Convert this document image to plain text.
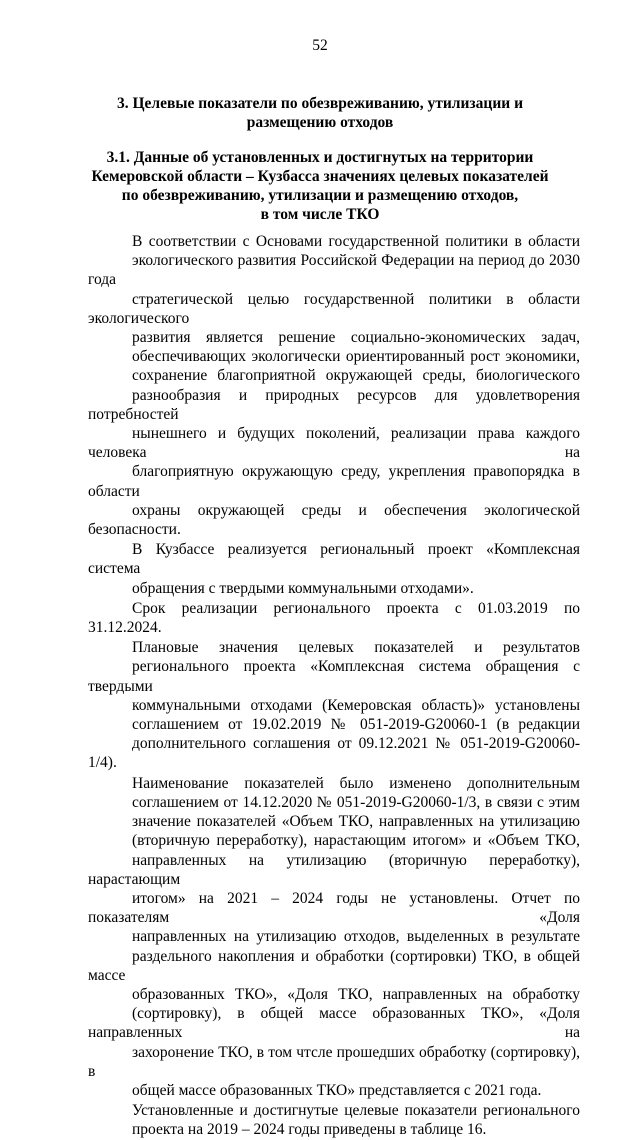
52
3. Целевые показатели по обезвреживанию, утилизации и
размещению отходов
3.1. Данные об установленных и достигнутых на территории
Кемеровской области – Кузбасса значениях целевых показателей
по обезвреживанию, утилизации и размещению отходов,
в том числе ТКО

В соответствии с Основами государственной политики в области
экологического развития Российской Федерации на период до 2030 года
стратегической целью государственной политики в области экологического
развития является решение социально-экономических задач,
обеспечивающих экологически ориентированный рост экономики,
сохранение благоприятной окружающей среды, биологического
разнообразия и природных ресурсов для удовлетворения потребностей
нынешнего и будущих поколений, реализации права каждого человека на
благоприятную окружающую среду, укрепления правопорядка в области
охраны окружающей среды и обеспечения экологической безопасности.

В Кузбассе реализуется региональный проект «Комплексная система
обращения с твердыми коммунальными отходами».

Срок реализации регионального проекта с 01.03.2019 по 31.12.2024.

Плановые значения целевых показателей и результатов
регионального проекта «Комплексная система обращения с твердыми
коммунальными отходами (Кемеровская область)» установлены
соглашением от 19.02.2019 № 051-2019-G20060-1 (в редакции
дополнительного соглашения от 09.12.2021 № 051-2019-G20060-1/4).

Наименование показателей было изменено дополнительным
соглашением от 14.12.2020 № 051-2019-G20060-1/3, в связи с этим
значение показателей «Объем ТКО, направленных на утилизацию
(вторичную переработку), нарастающим итогом» и «Объем ТКО,
направленных на утилизацию (вторичную переработку), нарастающим
итогом» на 2021 – 2024 годы не установлены. Отчет по показателям «Доля
направленных на утилизацию отходов, выделенных в результате
раздельного накопления и обработки (сортировки) ТКО, в общей массе
образованных ТКО», «Доля ТКО, направленных на обработку
(сортировку), в общей массе образованных ТКО», «Доля направленных на
захоронение ТКО, в том чтсле прошедших обработку (сортировку), в
общей массе образованных ТКО» представляется с 2021 года.

Установленные и достигнутые целевые показатели регионального
проекта на 2019 – 2024 годы приведены в таблице 16.
